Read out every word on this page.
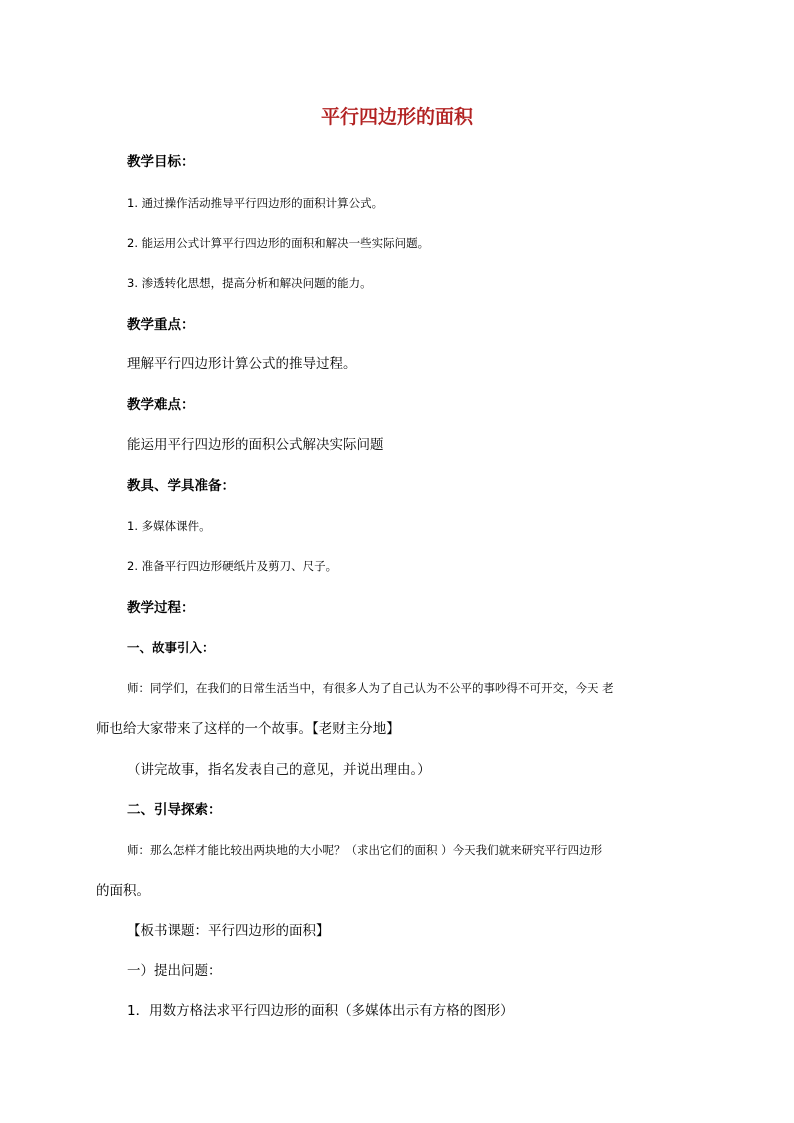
平行四边形的面积
教学目标：
1. 通过操作活动推导平行四边形的面积计算公式。
2. 能运用公式计算平行四边形的面积和解决一些实际问题。
3. 渗透转化思想，提高分析和解决问题的能力。
教学重点：
理解平行四边形计算公式的推导过程。
教学难点：
能运用平行四边形的面积公式解决实际问题
教具、学具准备：
1. 多媒体课件。
2. 准备平行四边形硬纸片及剪刀、尺子。
教学过程：
一、故事引入：
师：同学们，在我们的日常生活当中，有很多人为了自己认为不公平的事吵得不可开交，今天 老
师也给大家带来了这样的一个故事。【老财主分地】
（讲完故事，指名发表自己的意见，并说出理由。）
二、引导探索：
师：那么怎样才能比较出两块地的大小呢？（求出它们的面积 ）今天我们就来研究平行四边形
的面积。
【板书课题：平行四边形的面积】
一）提出问题：
1．用数方格法求平行四边形的面积（多媒体出示有方格的图形）
